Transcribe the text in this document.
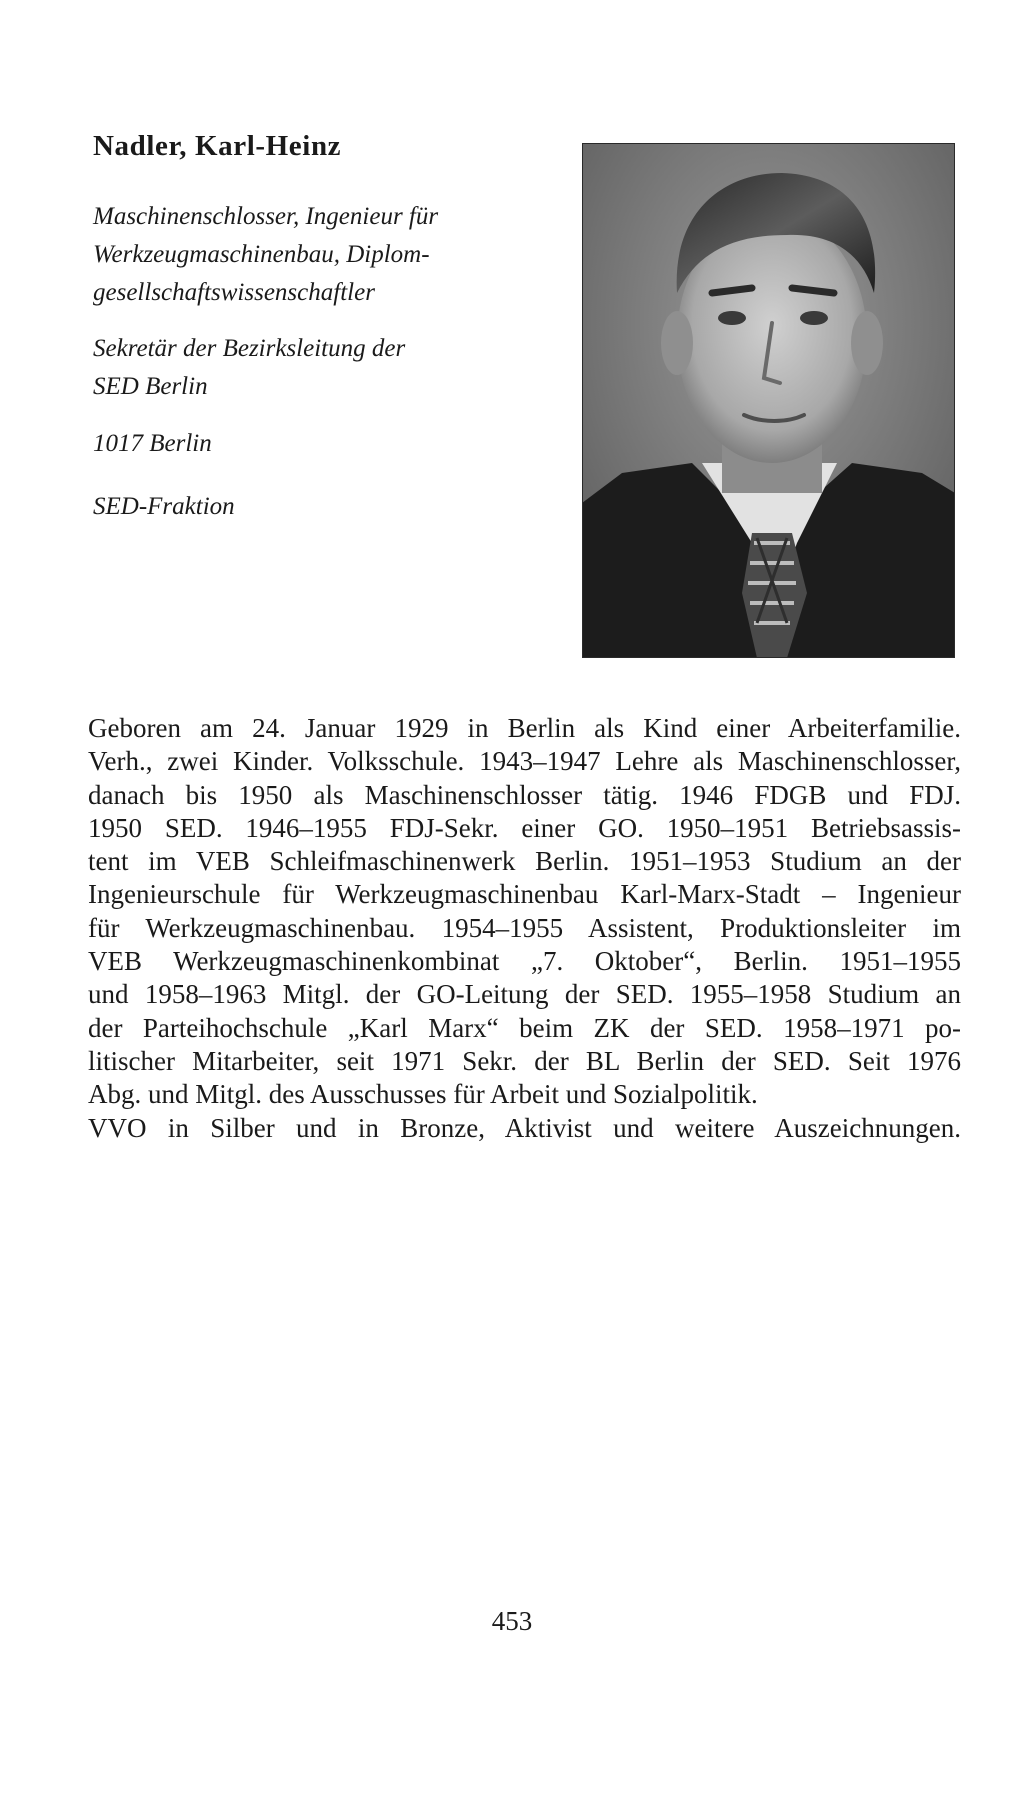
Nadler, Karl-Heinz
Maschinenschlosser, Ingenieur für
Werkzeugmaschinenbau, Diplom-
gesellschaftswissenschaftler
Sekretär der Bezirksleitung der
SED Berlin
1017 Berlin
SED-Fraktion
Geboren am 24. Januar 1929 in Berlin als Kind einer Arbeiterfamilie.
Verh., zwei Kinder. Volksschule. 1943–1947 Lehre als Maschinenschlosser,
danach bis 1950 als Maschinenschlosser tätig. 1946 FDGB und FDJ.
1950 SED. 1946–1955 FDJ-Sekr. einer GO. 1950–1951 Betriebsassis-
tent im VEB Schleifmaschinenwerk Berlin. 1951–1953 Studium an der
Ingenieurschule für Werkzeugmaschinenbau Karl-Marx-Stadt – Ingenieur
für Werkzeugmaschinenbau. 1954–1955 Assistent, Produktionsleiter im
VEB Werkzeugmaschinenkombinat „7. Oktober“, Berlin. 1951–1955
und 1958–1963 Mitgl. der GO-Leitung der SED. 1955–1958 Studium an
der Parteihochschule „Karl Marx“ beim ZK der SED. 1958–1971 po-
litischer Mitarbeiter, seit 1971 Sekr. der BL Berlin der SED. Seit 1976
Abg. und Mitgl. des Ausschusses für Arbeit und Sozialpolitik.
VVO in Silber und in Bronze, Aktivist und weitere Auszeichnungen.
453
